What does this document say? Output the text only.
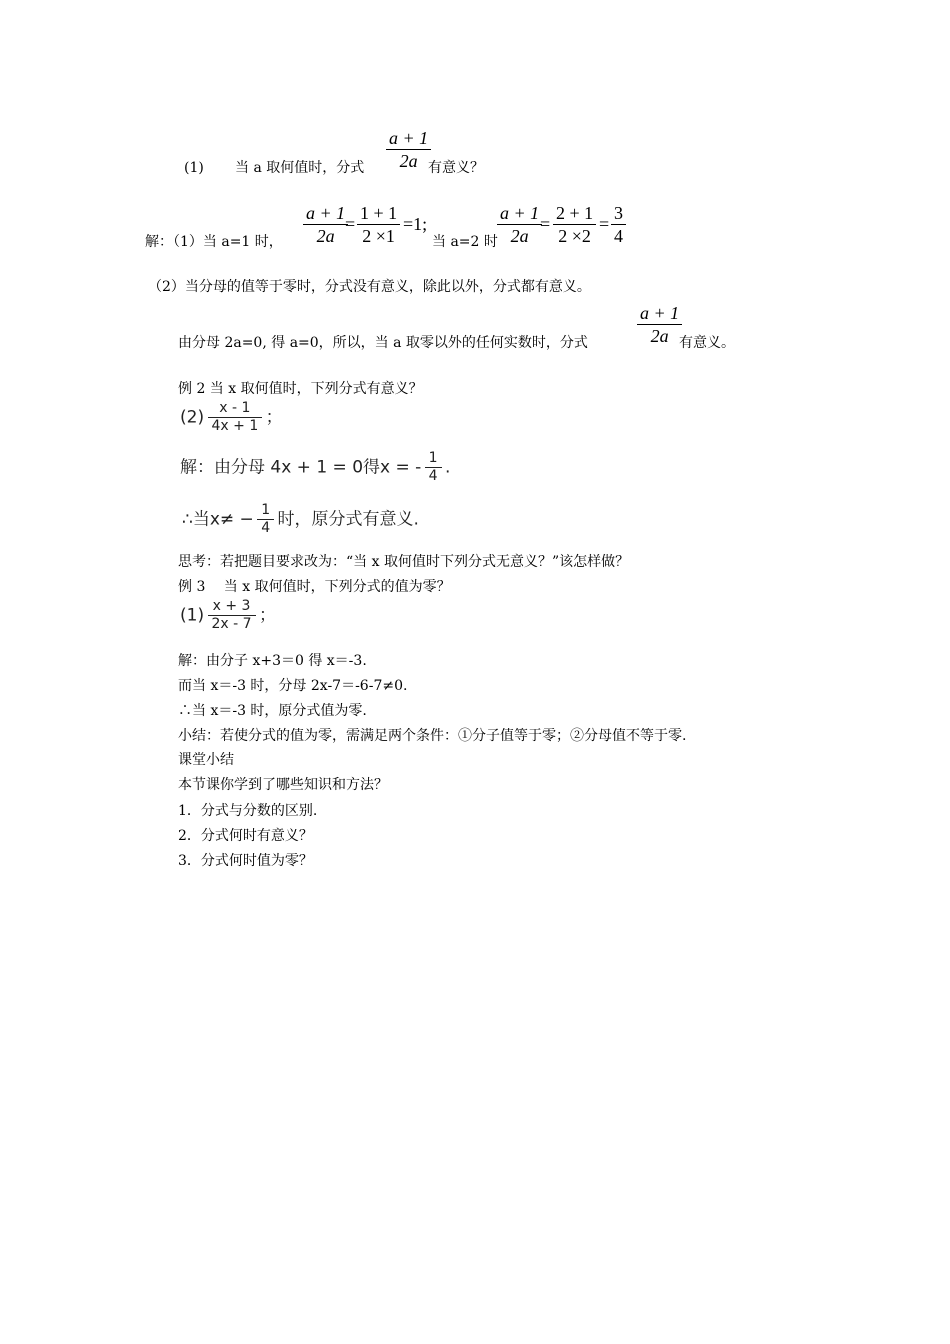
(1) 当 a 取何值时，分式
a + 1
2a 有意义？
解：（1）当 a=1 时，
a + 1
2a
=
1 + 1
2 ×1
=1;
当 a=2 时
a + 1
2a
=
2 + 1
2 ×2
=
3
4
（2）当分母的值等于零时，分式没有意义，除此以外，分式都有意义。
由分母 2a=0, 得 a=0，所以，当 a 取零以外的任何实数时，分式
a + 1
2a 有意义。
例 2 当 x 取何值时，下列分式有意义？
$(2) \frac{x - 1}{4x + 1}$ ；
解：由分母 4x + 1 = 0得x = - $\frac{1}{4}$ .
∴当$x\ne - \frac{1}{4}$ 时，原分式有意义.
思考：若把题目要求改为：“当 x 取何值时下列分式无意义？”该怎样做？
例 3　 当 x 取何值时，下列分式的值为零？
$(1) \frac{x + 3}{2x - 7}$ ；
解：由分子 x+3＝0 得 x＝-3.
而当 x＝-3 时，分母 2x-7＝-6-7≠0.
∴当 x＝-3 时，原分式值为零.
小结：若使分式的值为零，需满足两个条件：①分子值等于零；②分母值不等于零.
课堂小结
本节课你学到了哪些知识和方法？
1．分式与分数的区别.
2．分式何时有意义？
3．分式何时值为零？
